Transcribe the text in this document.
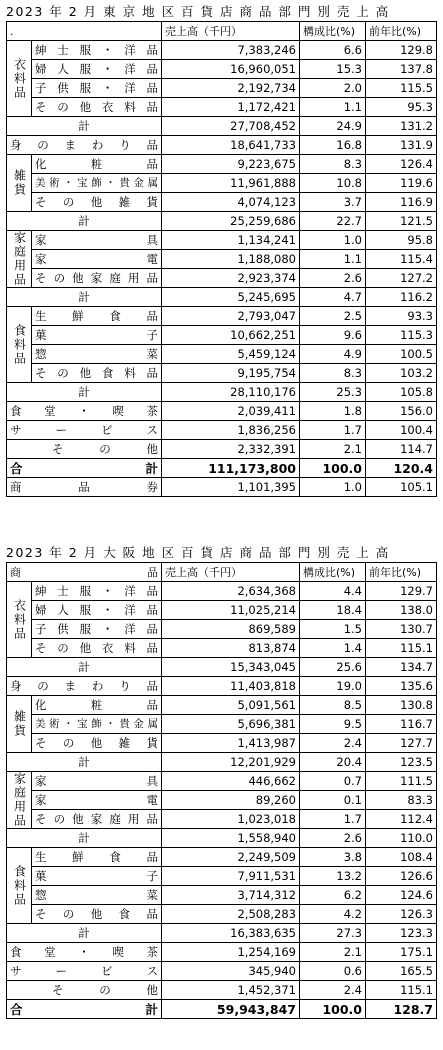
2023 年 2 月 東 京 地 区 百 貨 店 商 品 部 門 別 売 上 高
.		売上高（千円）	構成比(%)	前年比(%)
衣料品	紳士服・洋品	7,383,246	6.6	129.8
	婦人服・洋品	16,960,051	15.3	137.8
	子供服・洋品	2,192,734	2.0	115.5
	その他衣料品	1,172,421	1.1	95.3
計		27,708,452	24.9	131.2
身のまわり品		18,641,733	16.8	131.9
雑貨	化粧品	9,223,675	8.3	126.4
	美術・宝飾・貴金属	11,961,888	10.8	119.6
	その他雑貨	4,074,123	3.7	116.9
計		25,259,686	22.7	121.5
家庭用品	家具	1,134,241	1.0	95.8
	家電	1,188,080	1.1	115.4
	その他家庭用品	2,923,374	2.6	127.2
計		5,245,695	4.7	116.2
食料品	生鮮食品	2,793,047	2.5	93.3
	菓子	10,662,251	9.6	115.3
	惣菜	5,459,124	4.9	100.5
	その他食料品	9,195,754	8.3	103.2
計		28,110,176	25.3	105.8
食堂・喫茶		2,039,411	1.8	156.0
サービス		1,836,256	1.7	100.4
その他		2,332,391	2.1	114.7

合 計		111,173,800	100.0	120.4
商品券		1,101,395	1.0	105.1
2023 年 2 月 大 阪 地 区 百 貨 店 商 品 部 門 別 売 上 高
商品		売上高（千円）	構成比(%)	前年比(%)
衣料品	紳士服・洋品	2,634,368	4.4	129.7
	婦人服・洋品	11,025,214	18.4	138.0
	子供服・洋品	869,589	1.5	130.7
	その他衣料品	813,874	1.4	115.1
計		15,343,045	25.6	134.7
身のまわり品		11,403,818	19.0	135.6
雑貨	化粧品	5,091,561	8.5	130.8
	美術・宝飾・貴金属	5,696,381	9.5	116.7
	その他雑貨	1,413,987	2.4	127.7
計		12,201,929	20.4	123.5
家庭用品	家具	446,662	0.7	111.5
	家電	89,260	0.1	83.3
	その他家庭用品	1,023,018	1.7	112.4
計		1,558,940	2.6	110.0
食料品	生鮮食品	2,249,509	3.8	108.4
	菓子	7,911,531	13.2	126.6
	惣菜	3,714,312	6.2	124.6
	その他食品	2,508,283	4.2	126.3
計		16,383,635	27.3	123.3
食堂・喫茶		1,254,169	2.1	175.1
サービス		345,940	0.6	165.5
その他		1,452,371	2.4	115.1

合 計		59,943,847	100.0	128.7
